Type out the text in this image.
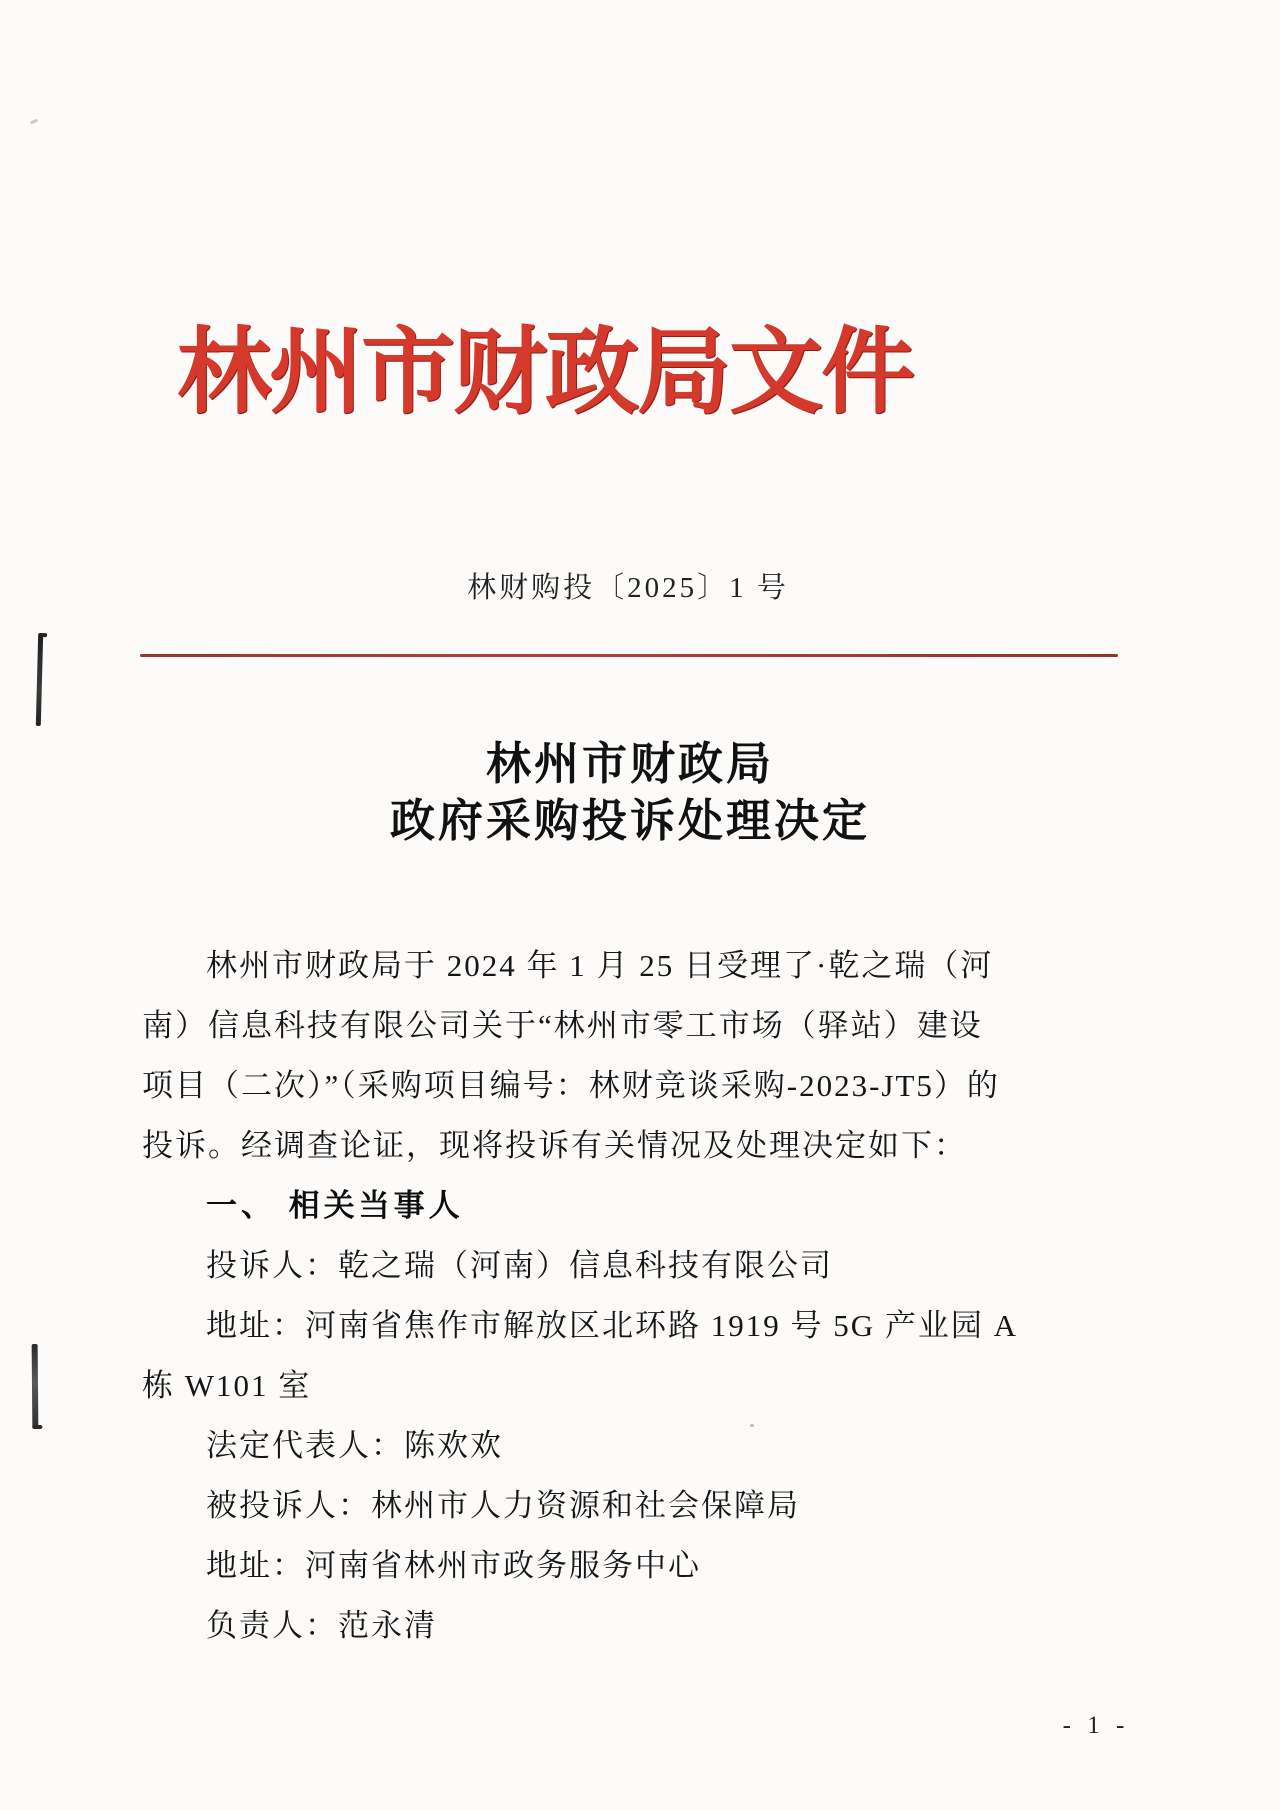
林州市财政局文件
林财购投〔2025〕1 号
林州市财政局
政府采购投诉处理决定
林州市财政局于 2024 年 1 月 25 日受理了·乾之瑞（河
南）信息科技有限公司关于“林州市零工市场（驿站）建设
项目（二次）”（采购项目编号：林财竞谈采购-2023-JT5）的
投诉。经调查论证，现将投诉有关情况及处理决定如下：
一、 相关当事人
投诉人：乾之瑞（河南）信息科技有限公司
地址：河南省焦作市解放区北环路 1919 号 5G 产业园 A
栋 W101 室
法定代表人：陈欢欢
被投诉人：林州市人力资源和社会保障局
地址：河南省林州市政务服务中心
负责人：范永清
- 1 -
